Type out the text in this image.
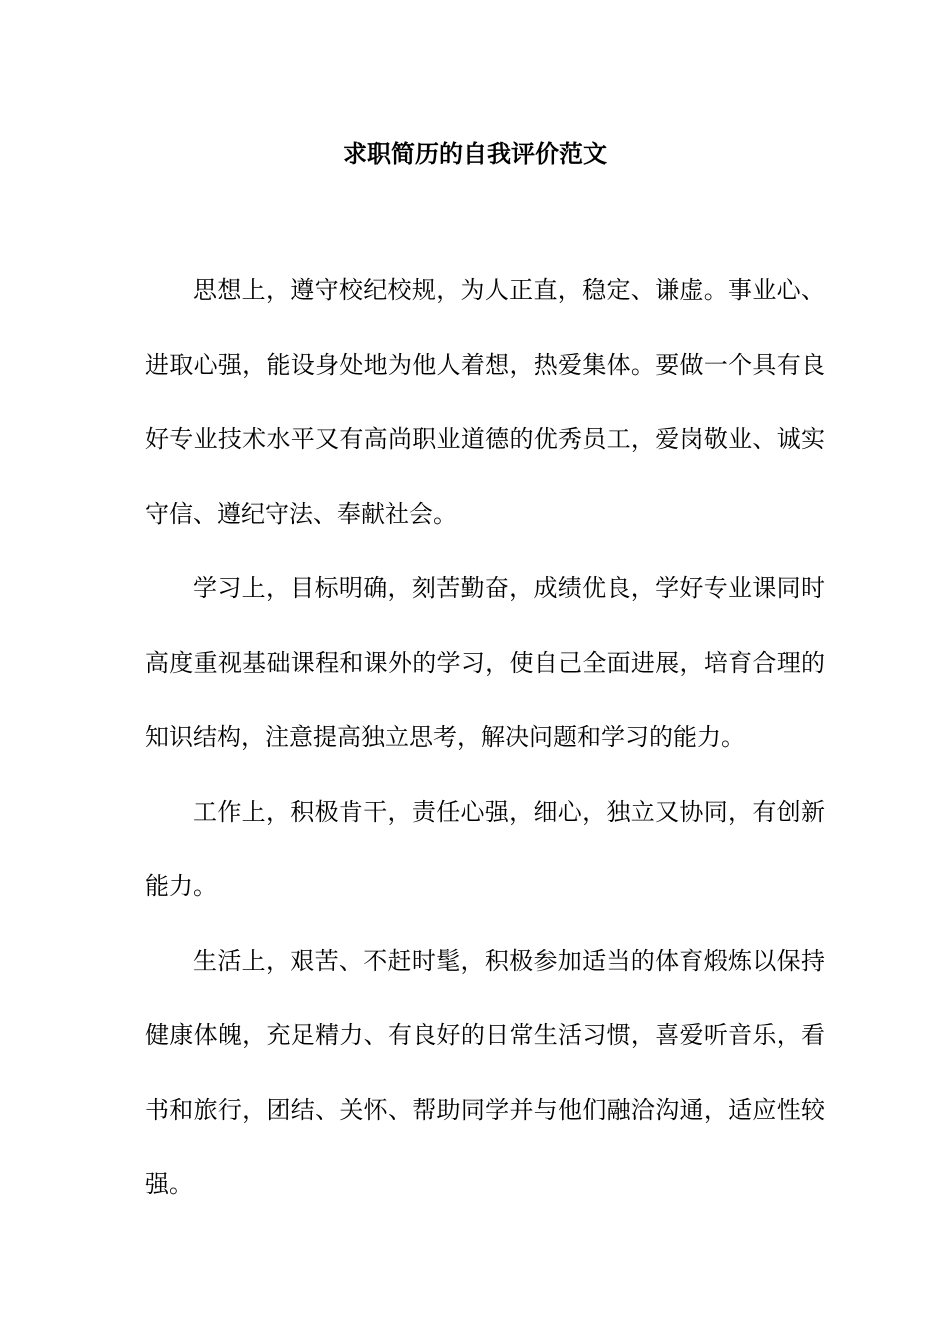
求职简历的自我评价范文

思想上，遵守校纪校规，为人正直，稳定、谦虚。事业心、进取心强，能设身处地为他人着想，热爱集体。要做一个具有良好专业技术水平又有高尚职业道德的优秀员工，爱岗敬业、诚实守信、遵纪守法、奉献社会。

学习上，目标明确，刻苦勤奋，成绩优良，学好专业课同时高度重视基础课程和课外的学习，使自己全面进展，培育合理的知识结构，注意提高独立思考，解决问题和学习的能力。

工作上，积极肯干，责任心强，细心，独立又协同，有创新能力。

生活上，艰苦、不赶时髦，积极参加适当的体育煅炼以保持健康体魄，充足精力、有良好的日常生活习惯，喜爱听音乐，看书和旅行，团结、关怀、帮助同学并与他们融洽沟通，适应性较强。
